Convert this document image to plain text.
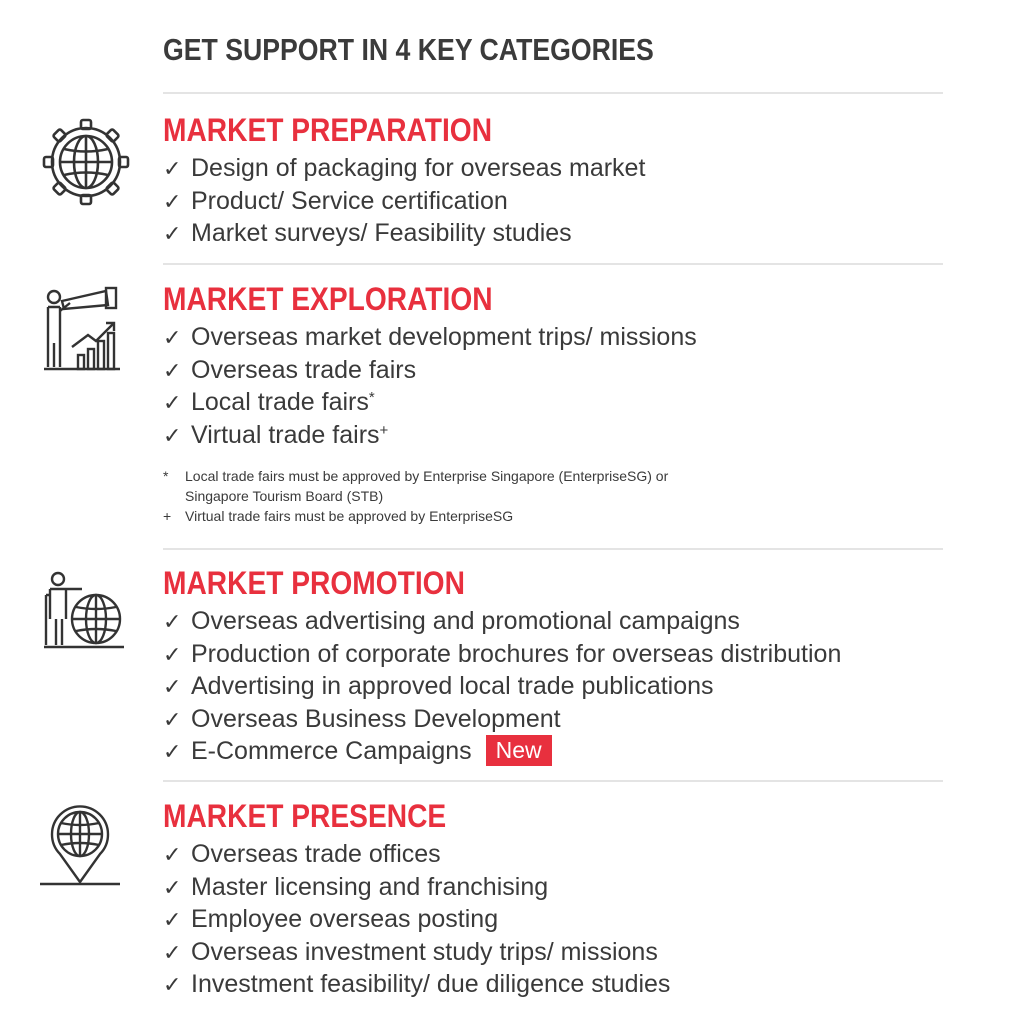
GET SUPPORT IN 4 KEY CATEGORIES
MARKET PREPARATION
✓ Design of packaging for overseas market
✓ Product/ Service certification
✓ Market surveys/ Feasibility studies
MARKET EXPLORATION
✓ Overseas market development trips/ missions
✓ Overseas trade fairs
✓ Local trade fairs*
✓ Virtual trade fairs+
* Local trade fairs must be approved by Enterprise Singapore (EnterpriseSG) or
Singapore Tourism Board (STB)
+ Virtual trade fairs must be approved by EnterpriseSG
MARKET PROMOTION
✓ Overseas advertising and promotional campaigns
✓ Production of corporate brochures for overseas distribution
✓ Advertising in approved local trade publications
✓ Overseas Business Development
✓ E-Commerce Campaigns New
MARKET PRESENCE
✓ Overseas trade offices
✓ Master licensing and franchising
✓ Employee overseas posting
✓ Overseas investment study trips/ missions
✓ Investment feasibility/ due diligence studies
